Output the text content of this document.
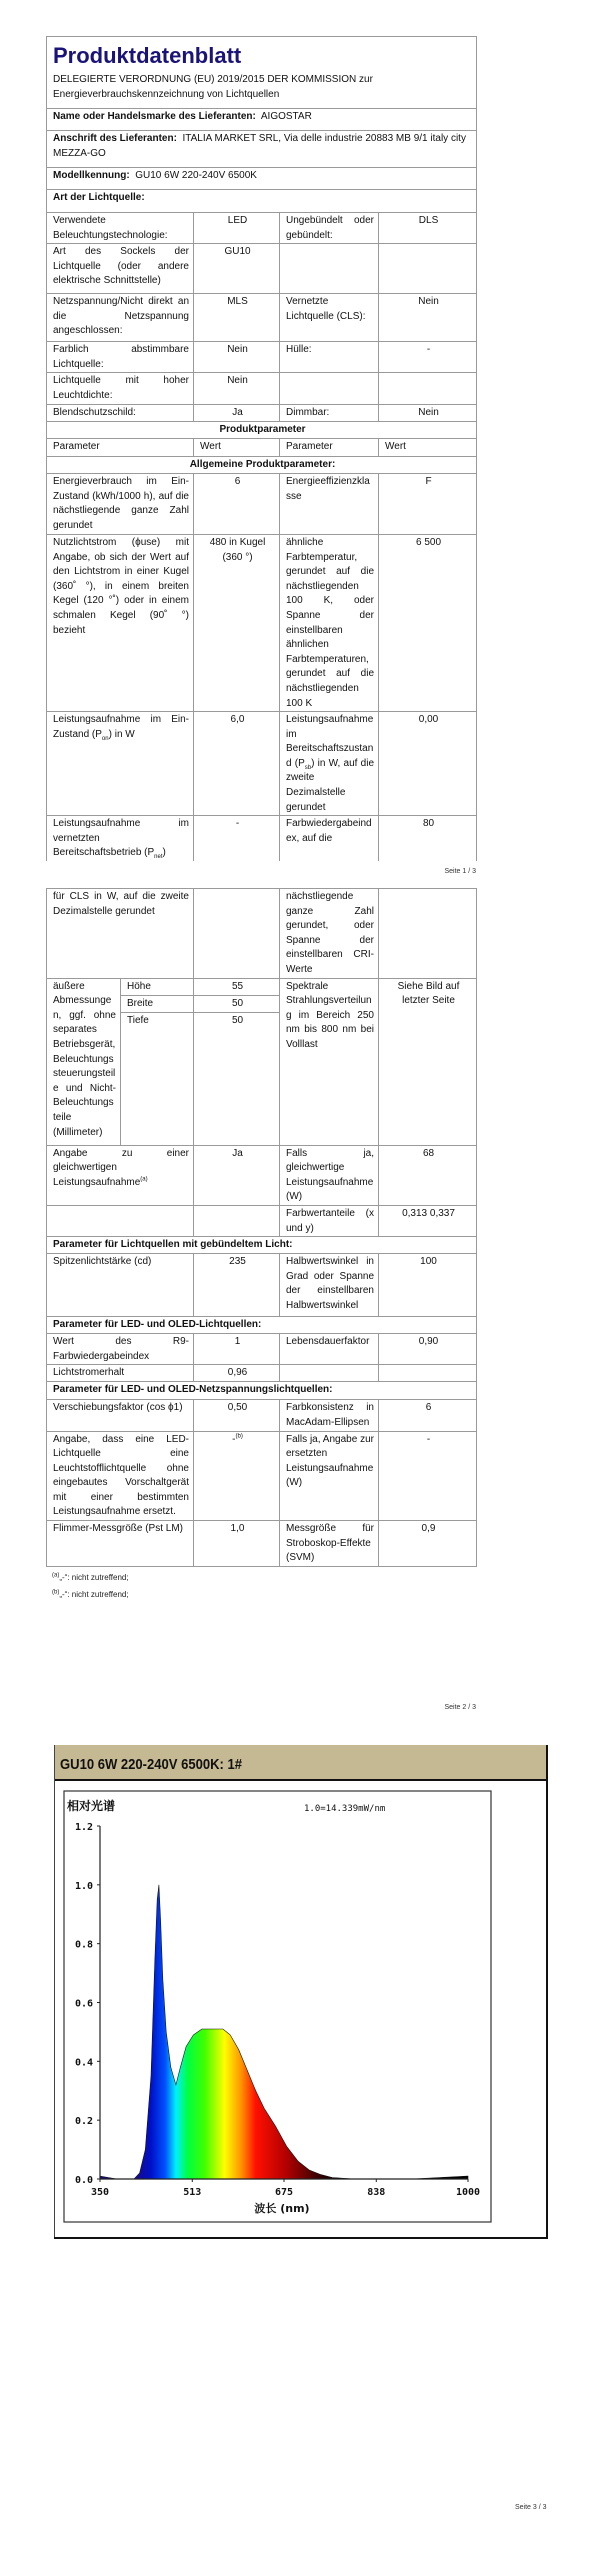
Produktdatenblatt
DELEGIERTE VERORDNUNG (EU) 2019/2015 DER KOMMISSION zur Energieverbrauchskennzeichnung von Lichtquellen			

Name oder Handelsmarke des Lieferanten: AIGOSTAR			
Anschrift des Lieferanten: ITALIA MARKET SRL, Via delle industrie 20883 MB 9/1 italy city MEZZA-GO			
Modellkennung: GU10 6W 220-240V 6500K			
Art der Lichtquelle:			
Verwendete Beleuchtungstechnologie:	LED	Ungebündelt oder gebündelt:	DLS
Art des Sockels der Lichtquelle (oder andere elektrische Schnittstelle)	GU10		
Netzspannung/Nicht direkt an die Netzspannung angeschlossen:	MLS	Vernetzte Lichtquelle (CLS):	Nein
Farblich abstimmbare Lichtquelle:	Nein	Hülle:	-
Lichtquelle mit hoher Leuchtdichte:	Nein		
Blendschutzschild:	Ja	Dimmbar:	Nein
Produktparameter			
Parameter	Wert	Parameter	Wert
Allgemeine Produktparameter:			
Energieverbrauch im Ein-Zustand (kWh/1000 h), auf die nächstliegende ganze Zahl gerundet	6	Energieeffizienzklasse	F
Nutzlichtstrom (ϕuse) mit Angabe, ob sich der Wert auf den Lichtstrom in einer Kugel (360˚ °), in einem breiten Kegel (120 °˚) oder in einem schmalen Kegel (90˚ °) bezieht	480 in Kugel (360 °)	ähnliche Farbtemperatur, gerundet auf die nächstliegenden 100 K, oder Spanne der einstellbaren ähnlichen Farbtemperaturen, gerundet auf die nächstliegenden 100 K	6 500
Leistungsaufnahme im Ein-Zustand $(P_{on})$ in W	6,0	Leistungsaufnahme im Bereitschaftszustand $(P_{sb})$ in W, auf die zweite Dezimalstelle gerundet	0,00
Leistungsaufnahme im vernetzten Bereitschaftsbetrieb $(P_{net})$	-	Farbwiedergabeindex, auf die	80
Seite 1 / 3
für CLS in W, auf die zweite Dezimalstelle gerundet			nächstliegende ganze Zahl gerundet, oder Spanne der einstellbaren CRI-Werte	
äußere Abmessungen, ggf. ohne separates Betriebsgerät, Beleuchtungssteuerungsteile und Nicht-Beleuchtungsteile (Millimeter)	Höhe	55	Spektrale Strahlungsverteilung im Bereich 250 nm bis 800 nm bei Volllast	Siehe Bild auf letzter Seite
	Breite	50		
	Tiefe	50		
Angabe zu einer gleichwertigen Leistungsaufnahme$^{(a)}$		Ja	Falls ja, gleichwertige Leistungsaufnahme (W)	68
			Farbwertanteile (x und y)	0,313 0,337
Parameter für Lichtquellen mit gebündeltem Licht:				
Spitzenlichtstärke (cd)		235	Halbwertswinkel in Grad oder Spanne der einstellbaren Halbwertswinkel	100
Parameter für LED- und OLED-Lichtquellen:				
Wert des R9-Farbwiedergabeindex		1	Lebensdauerfaktor	0,90
Lichtstromerhalt		0,96		
Parameter für LED- und OLED-Netzspannungslichtquellen:				
Verschiebungsfaktor (cos ϕ1)		0,50	Farbkonsistenz in MacAdam-Ellipsen	6
Angabe, dass eine LED-Lichtquelle eine Leuchtstofflichtquelle ohne eingebautes Vorschaltgerät mit einer bestimmten Leistungsaufnahme ersetzt.		-$^{(b)}$	Falls ja, Angabe zur ersetzten Leistungsaufnahme (W)	-
Flimmer-Messgröße (Pst LM)		1,0	Messgröße für Stroboskop-Effekte (SVM)	0,9
$^{(a)}$„-“: nicht zutreffend;
$^{(b)}$„-“: nicht zutreffend;
Seite 2 / 3
GU10 6W 220-240V 6500K: 1#
0.0
0.2
0.4
0.6
0.8
1.0
1.2
350	513	675	838	1000
相对光谱	1.0=14.339mW/nm
波长 (nm)
Seite 3 / 3
